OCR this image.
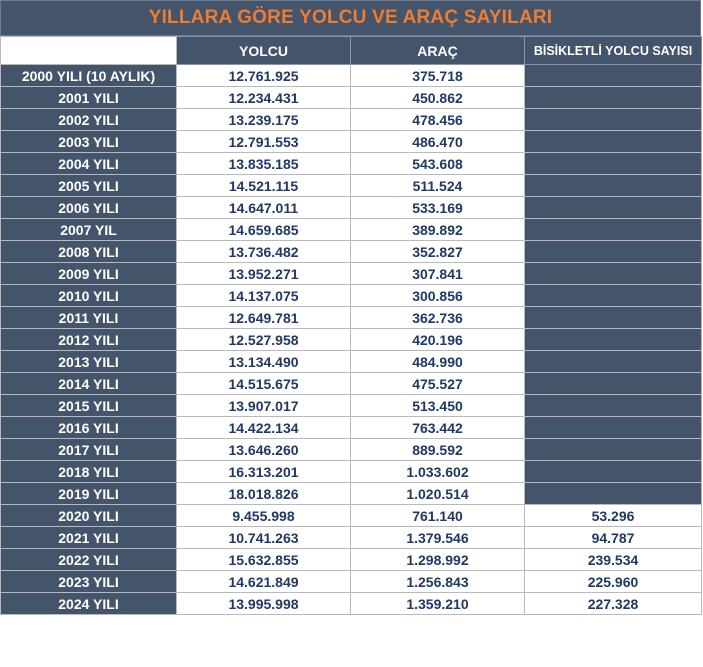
YILLARA GÖRE YOLCU VE ARAÇ SAYILARI
	YOLCU	ARAÇ	BİSİKLETLİ YOLCU SAYISI
2000 YILI (10 AYLIK)	12.761.925	375.718	
2001 YILI	12.234.431	450.862	
2002 YILI	13.239.175	478.456	
2003 YILI	12.791.553	486.470	
2004 YILI	13.835.185	543.608	
2005 YILI	14.521.115	511.524	
2006 YILI	14.647.011	533.169	
2007 YIL	14.659.685	389.892	
2008 YILI	13.736.482	352.827	
2009 YILI	13.952.271	307.841	
2010 YILI	14.137.075	300.856	
2011 YILI	12.649.781	362.736	
2012 YILI	12.527.958	420.196	
2013 YILI	13.134.490	484.990	
2014 YILI	14.515.675	475.527	
2015 YILI	13.907.017	513.450	
2016 YILI	14.422.134	763.442	
2017 YILI	13.646.260	889.592	
2018 YILI	16.313.201	1.033.602	
2019 YILI	18.018.826	1.020.514	
2020 YILI	9.455.998	761.140	53.296
2021 YILI	10.741.263	1.379.546	94.787
2022 YILI	15.632.855	1.298.992	239.534
2023 YILI	14.621.849	1.256.843	225.960
2024 YILI	13.995.998	1.359.210	227.328
